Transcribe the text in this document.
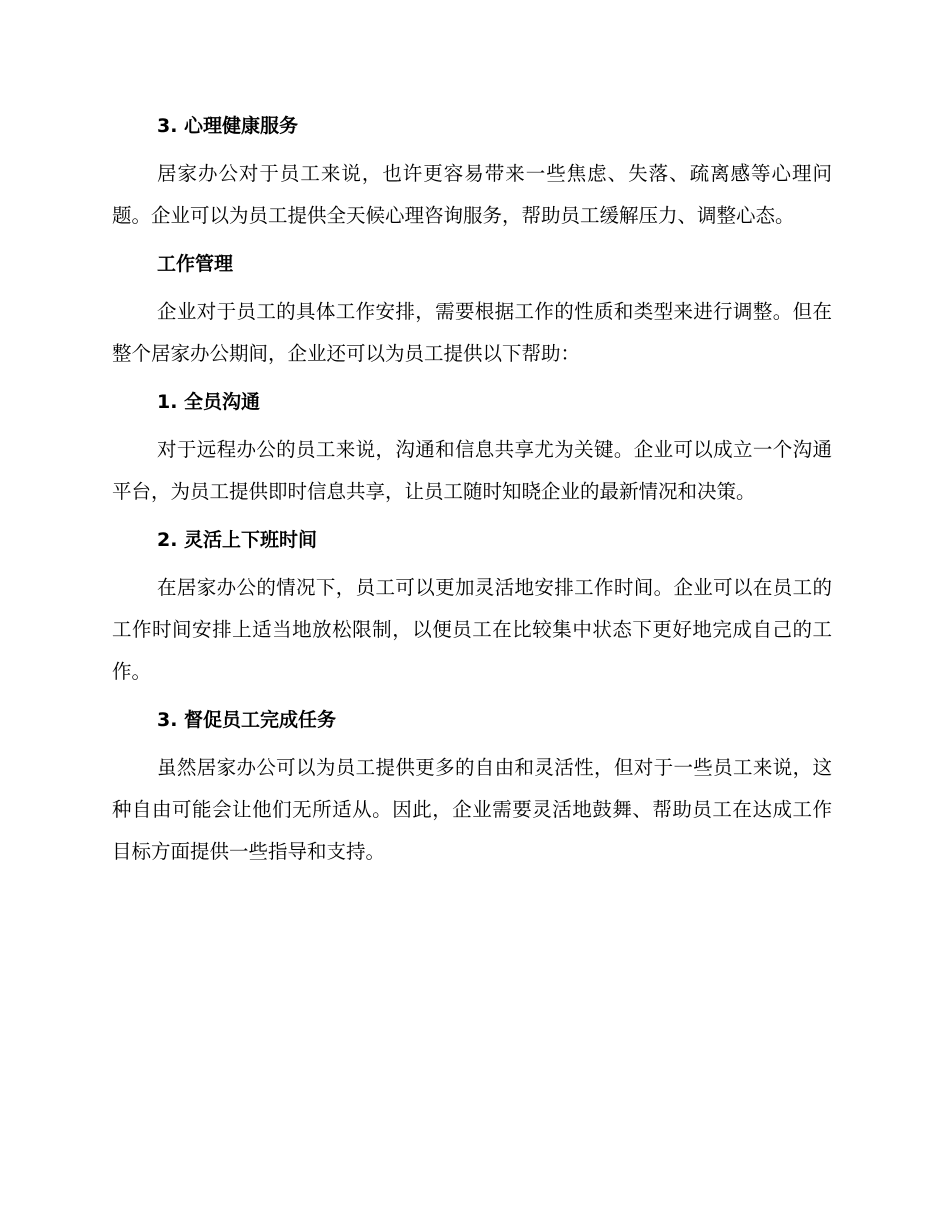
3. 心理健康服务

居家办公对于员工来说，也许更容易带来一些焦虑、失落、疏离感等心理问题。企业可以为员工提供全天候心理咨询服务，帮助员工缓解压力、调整心态。

工作管理

企业对于员工的具体工作安排，需要根据工作的性质和类型来进行调整。但在整个居家办公期间，企业还可以为员工提供以下帮助：

1. 全员沟通

对于远程办公的员工来说，沟通和信息共享尤为关键。企业可以成立一个沟通平台，为员工提供即时信息共享，让员工随时知晓企业的最新情况和决策。

2. 灵活上下班时间

在居家办公的情况下，员工可以更加灵活地安排工作时间。企业可以在员工的工作时间安排上适当地放松限制，以便员工在比较集中状态下更好地完成自己的工作。

3. 督促员工完成任务

虽然居家办公可以为员工提供更多的自由和灵活性，但对于一些员工来说，这种自由可能会让他们无所适从。因此，企业需要灵活地鼓舞、帮助员工在达成工作目标方面提供一些指导和支持。
